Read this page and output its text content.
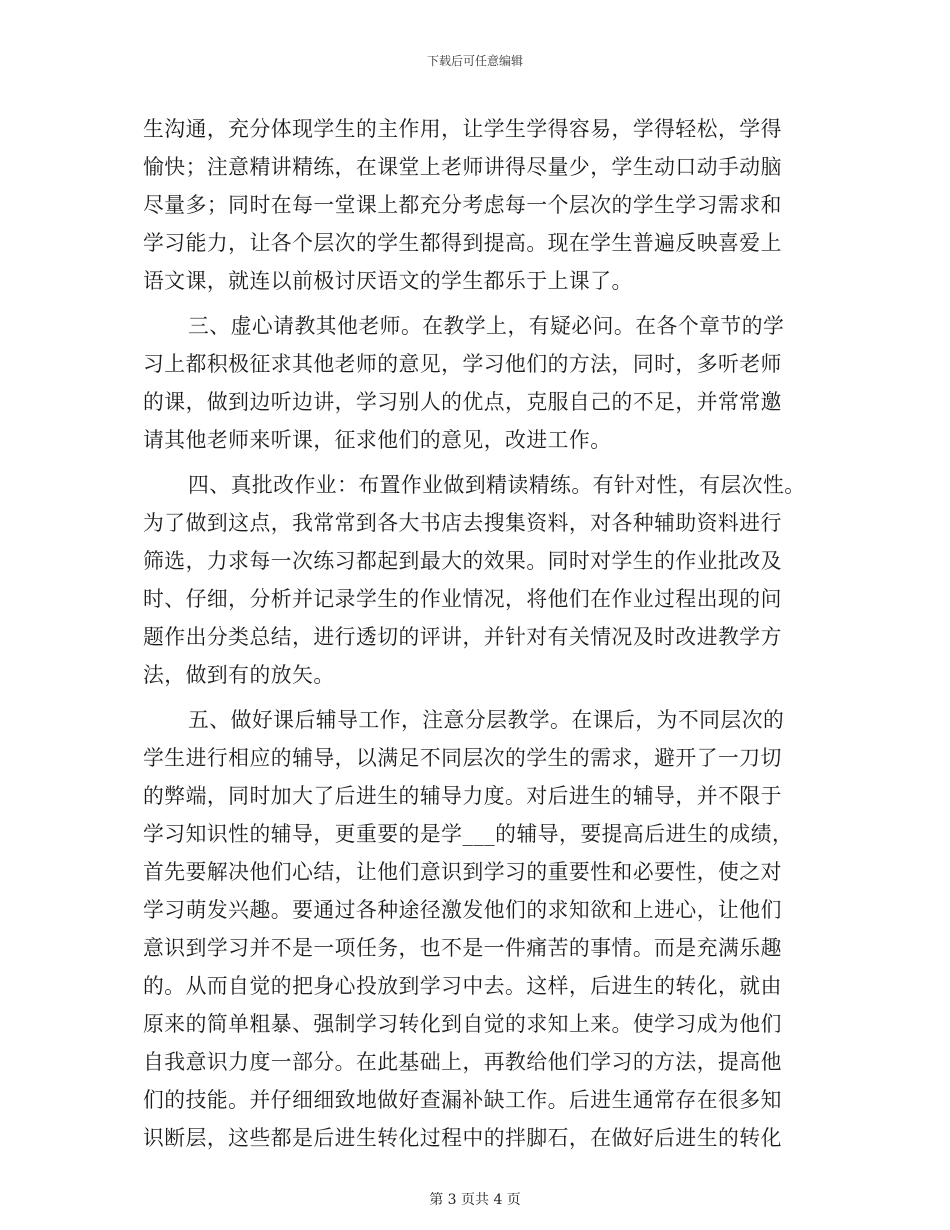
下载后可任意编辑
生沟通，充分体现学生的主作用，让学生学得容易，学得轻松，学得
愉快；注意精讲精练，在课堂上老师讲得尽量少，学生动口动手动脑
尽量多；同时在每一堂课上都充分考虑每一个层次的学生学习需求和
学习能力，让各个层次的学生都得到提高。现在学生普遍反映喜爱上
语文课，就连以前极讨厌语文的学生都乐于上课了。
三、虚心请教其他老师。在教学上，有疑必问。在各个章节的学
习上都积极征求其他老师的意见，学习他们的方法，同时，多听老师
的课，做到边听边讲，学习别人的优点，克服自己的不足，并常常邀
请其他老师来听课，征求他们的意见，改进工作。
四、真批改作业：布置作业做到精读精练。有针对性，有层次性。
为了做到这点，我常常到各大书店去搜集资料，对各种辅助资料进行
筛选，力求每一次练习都起到最大的效果。同时对学生的作业批改及
时、仔细，分析并记录学生的作业情况，将他们在作业过程出现的问
题作出分类总结，进行透切的评讲，并针对有关情况及时改进教学方
法，做到有的放矢。
五、做好课后辅导工作，注意分层教学。在课后，为不同层次的
学生进行相应的辅导，以满足不同层次的学生的需求，避开了一刀切
的弊端，同时加大了后进生的辅导力度。对后进生的辅导，并不限于
学习知识性的辅导，更重要的是学___的辅导，要提高后进生的成绩，
首先要解决他们心结，让他们意识到学习的重要性和必要性，使之对
学习萌发兴趣。要通过各种途径激发他们的求知欲和上进心，让他们
意识到学习并不是一项任务，也不是一件痛苦的事情。而是充满乐趣
的。从而自觉的把身心投放到学习中去。这样，后进生的转化，就由
原来的简单粗暴、强制学习转化到自觉的求知上来。使学习成为他们
自我意识力度一部分。在此基础上，再教给他们学习的方法，提高他
们的技能。并仔细细致地做好查漏补缺工作。后进生通常存在很多知
识断层，这些都是后进生转化过程中的拌脚石，在做好后进生的转化
第 3 页共 4 页
